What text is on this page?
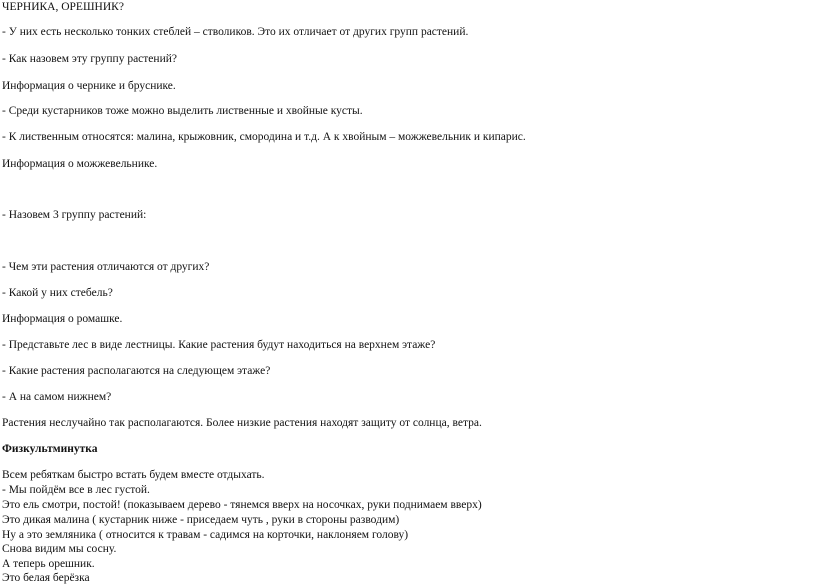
ЧЕРНИКА, ОРЕШНИК?

- У них есть несколько тонких стеблей – стволиков. Это их отличает от других групп растений.

- Как назовем эту группу растений?

Информация о чернике и бруснике.

- Среди кустарников тоже можно выделить лиственные и хвойные кусты.

- К лиственным относятся: малина, крыжовник, смородина и т.д. А к хвойным – можжевельник и кипарис.

Информация о можжевельнике.

- Назовем 3 группу растений:

- Чем эти растения отличаются от других?

- Какой у них стебель?

Информация о ромашке.

- Представьте лес в виде лестницы. Какие растения будут находиться на верхнем этаже?

- Какие растения располагаются на следующем этаже?

- А на самом нижнем?

Растения неслучайно так располагаются. Более низкие растения находят защиту от солнца, ветра.

Физкультминутка

Всем ребяткам быстро встать будем вместе отдыхать.

- Мы пойдём все в лес густой.

Это ель смотри, постой! (показываем дерево - тянемся вверх на носочках, руки поднимаем вверх)

Это дикая малина ( кустарник ниже - приседаем чуть , руки в стороны разводим)

Ну а это земляника ( относится к травам - садимся на корточки, наклоняем голову)

Снова видим мы сосну.

А теперь орешник.

Это белая берёзка
